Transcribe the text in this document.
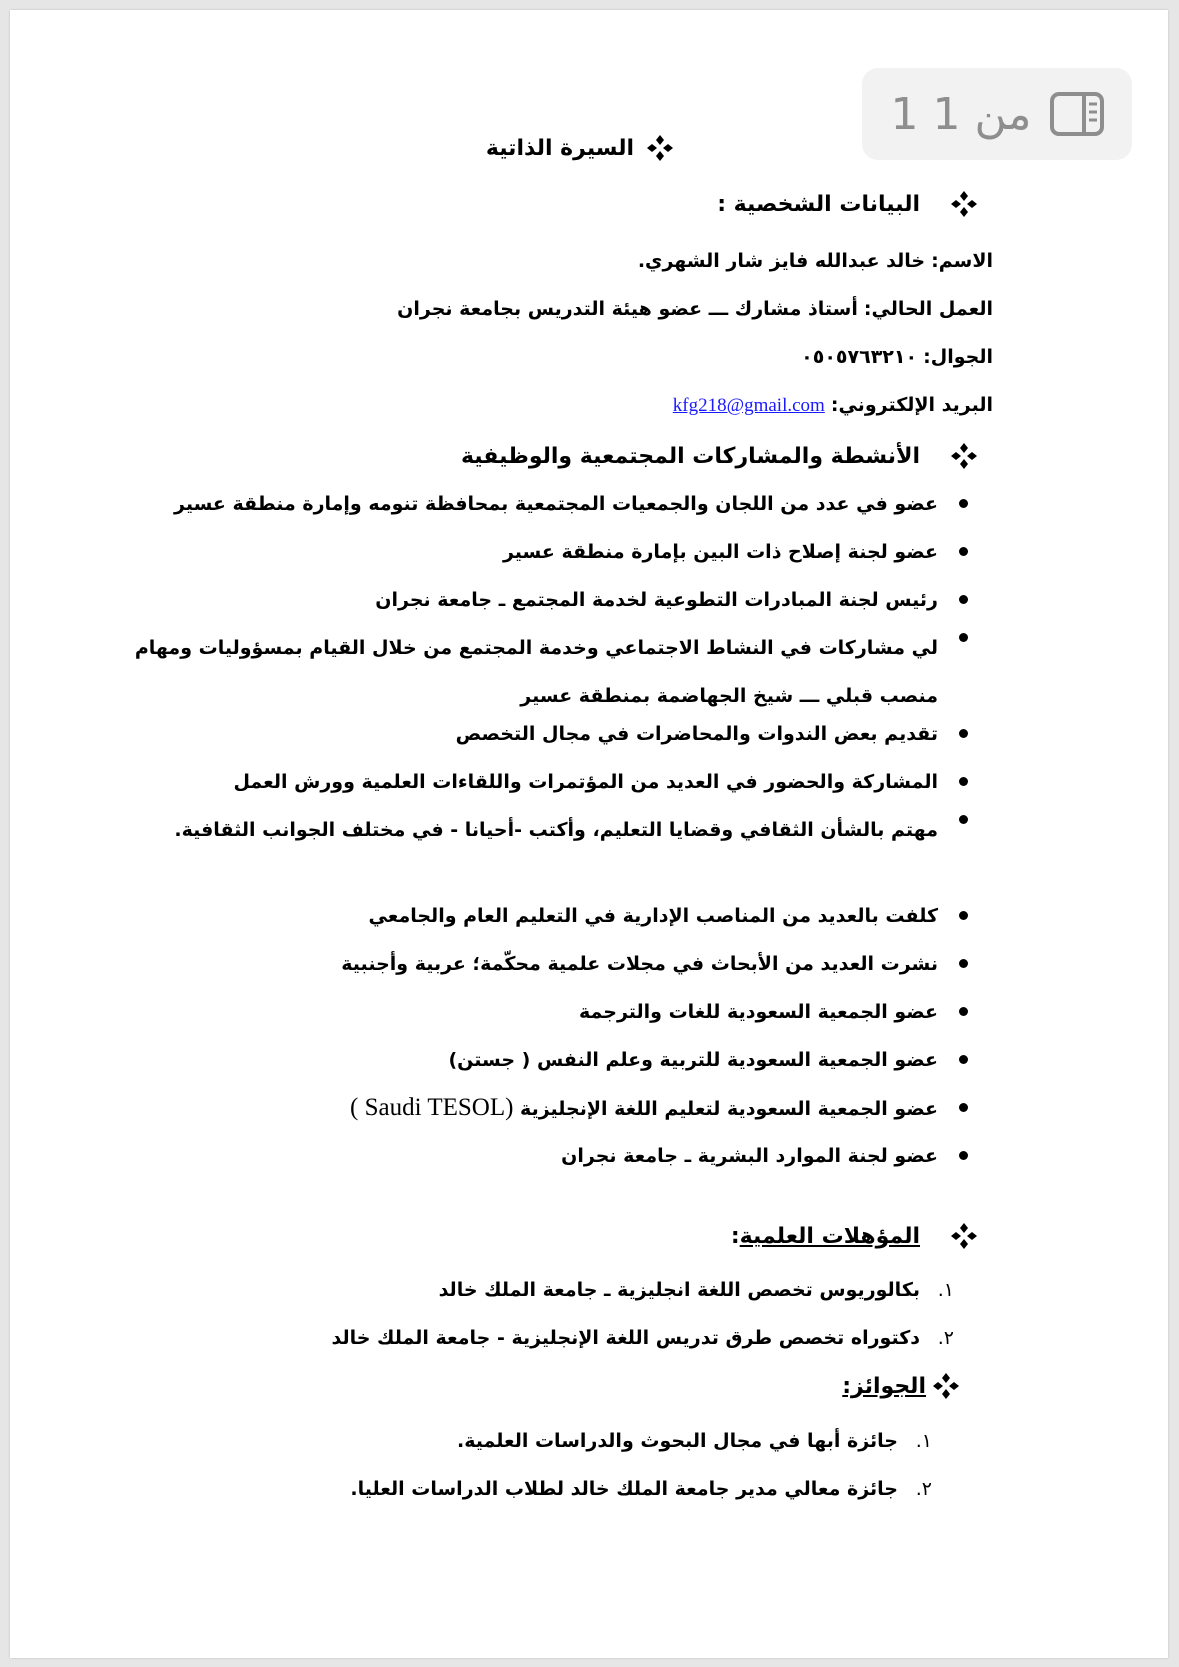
1 من 1
السيرة الذاتية
البيانات الشخصية :
الاسم: خالد عبدالله فايز شار الشهري.
العمل الحالي: أستاذ مشارك ـــ عضو هيئة التدريس بجامعة نجران
الجوال: ٠٥٠٥٧٦٣٢١٠
البريد الإلكتروني: kfg218@gmail.com
الأنشطة والمشاركات المجتمعية والوظيفية
عضو في عدد من اللجان والجمعيات المجتمعية بمحافظة تنومه وإمارة منطقة عسير
عضو لجنة إصلاح ذات البين بإمارة منطقة عسير
رئيس لجنة المبادرات التطوعية لخدمة المجتمع ـ جامعة نجران
لي مشاركات في النشاط الاجتماعي وخدمة المجتمع من خلال القيام بمسؤوليات ومهام منصب قبلي ـــ شيخ الجهاضمة بمنطقة عسير
تقديم بعض الندوات والمحاضرات في مجال التخصص
المشاركة والحضور في العديد من المؤتمرات واللقاءات العلمية وورش العمل
مهتم بالشأن الثقافي وقضايا التعليم، وأكتب -أحيانا - في مختلف الجوانب الثقافية.
كلفت بالعديد من المناصب الإدارية في التعليم العام والجامعي
نشرت العديد من الأبحاث في مجلات علمية محكّمة؛ عربية وأجنبية
عضو الجمعية السعودية للغات والترجمة
عضو الجمعية السعودية للتربية وعلم النفس ( جستن)
عضو الجمعية السعودية لتعليم اللغة الإنجليزية ( Saudi TESOL)
عضو لجنة الموارد البشرية ـ جامعة نجران
المؤهلات العلمية
:
١.بكالوريوس تخصص اللغة انجليزية ـ جامعة الملك خالد
٢.دكتوراه تخصص طرق تدريس اللغة الإنجليزية - جامعة الملك خالد
الجوائز:
١.جائزة أبها في مجال البحوث والدراسات العلمية.
٢.جائزة معالي مدير جامعة الملك خالد لطلاب الدراسات العليا.
